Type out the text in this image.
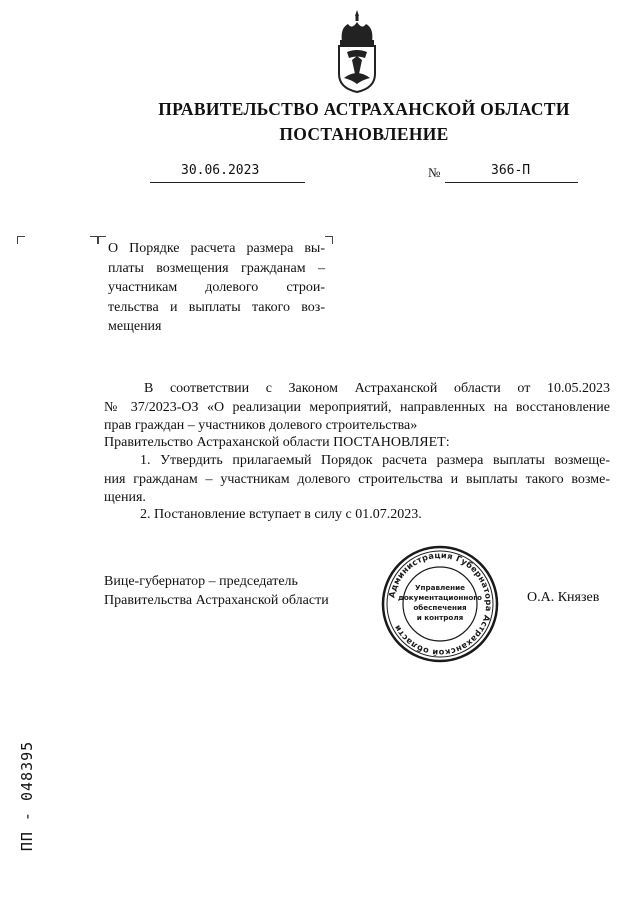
ПРАВИТЕЛЬСТВО АСТРАХАНСКОЙ ОБЛАСТИ
ПОСТАНОВЛЕНИЕ
30.06.2023	№	366-П
О Порядке расчета размера вы-
платы возмещения гражданам –
участникам долевого строи-
тельства и выплаты такого воз-
мещения
В соответствии с Законом Астраханской области от 10.05.2023
№ 37/2023-ОЗ «О реализации мероприятий, направленных на восстановление
прав граждан – участников долевого строительства»
Правительство Астраханской области ПОСТАНОВЛЯЕТ:
1. Утвердить прилагаемый Порядок расчета размера выплаты возмеще-
ния гражданам – участникам долевого строительства и выплаты такого возме-
щения.
2. Постановление вступает в силу с 01.07.2023.
Вице-губернатор – председатель
Правительства Астраханской области	Администрация Губернатора Астраханской области
Управление
документационного
обеспечения
и контроля
О.А. Князев
ПП - 048395
